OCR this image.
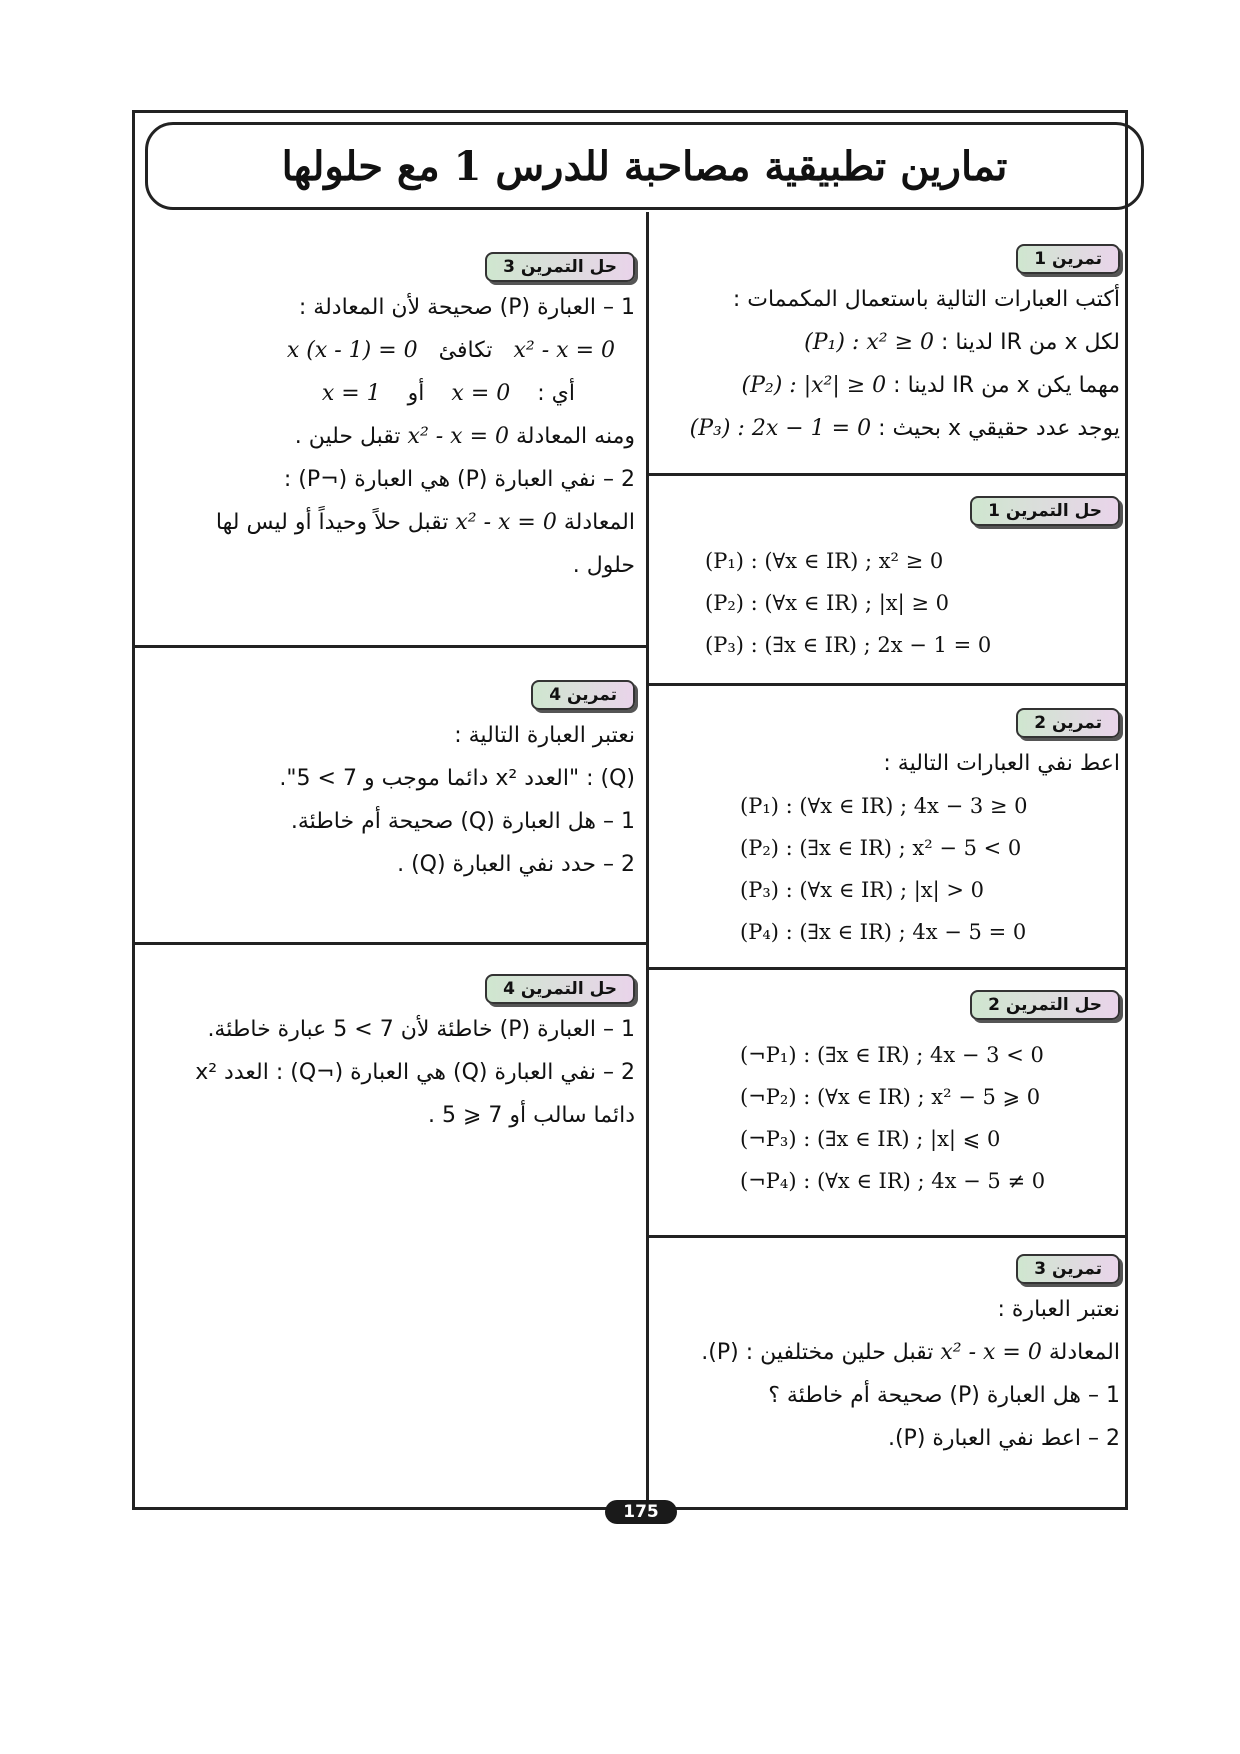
تمارين تطبيقية مصاحبة للدرس 1 مع حلولها
تمرين 1
أكتب العبارات التالية باستعمال المكممات :
لكل x من IR لدينا : (P₁) : x² ≥ 0
مهما يكن x من IR لدينا : (P₂) : |x²| ≥ 0
يوجد عدد حقيقي x بحيث : (P₃) : 2x − 1 = 0
حل التمرين 1
(P₁) : (∀x ∈ IR) ; x² ≥ 0
(P₂) : (∀x ∈ IR) ; |x| ≥ 0
(P₃) : (∃x ∈ IR) ; 2x − 1 = 0
تمرين 2
اعط نفي العبارات التالية :
(P₁) : (∀x ∈ IR) ; 4x − 3 ≥ 0
(P₂) : (∃x ∈ IR) ; x² − 5 < 0
(P₃) : (∀x ∈ IR) ; |x| > 0
(P₄) : (∃x ∈ IR) ; 4x − 5 = 0
حل التمرين 2
(¬P₁) : (∃x ∈ IR) ; 4x − 3 < 0
(¬P₂) : (∀x ∈ IR) ; x² − 5 ⩾ 0
(¬P₃) : (∃x ∈ IR) ; |x| ⩽ 0
(¬P₄) : (∀x ∈ IR) ; 4x − 5 ≠ 0
تمرين 3
نعتبر العبارة :
المعادلة x² - x = 0 تقبل حلين مختلفين : (P).
1 – هل العبارة (P) صحيحة أم خاطئة ؟
2 – اعط نفي العبارة (P).
حل التمرين 3
1 – العبارة (P) صحيحة لأن المعادلة :
x² - x = 0 تكافئ x (x - 1) = 0
أي : x = 0 أو x = 1
ومنه المعادلة x² - x = 0 تقبل حلين .
2 – نفي العبارة (P) هي العبارة (¬P) :
المعادلة x² - x = 0 تقبل حلاً وحيداً أو ليس لها
حلول .
تمرين 4
نعتبر العبارة التالية :
(Q) : "العدد x² دائما موجب و 7 > 5".
1 – هل العبارة (Q) صحيحة أم خاطئة.
2 – حدد نفي العبارة (Q) .
حل التمرين 4
1 – العبارة (P) خاطئة لأن 7 > 5 عبارة خاطئة.
2 – نفي العبارة (Q) هي العبارة (¬Q) : العدد x²
دائما سالب أو 7 ⩽ 5 .
175
